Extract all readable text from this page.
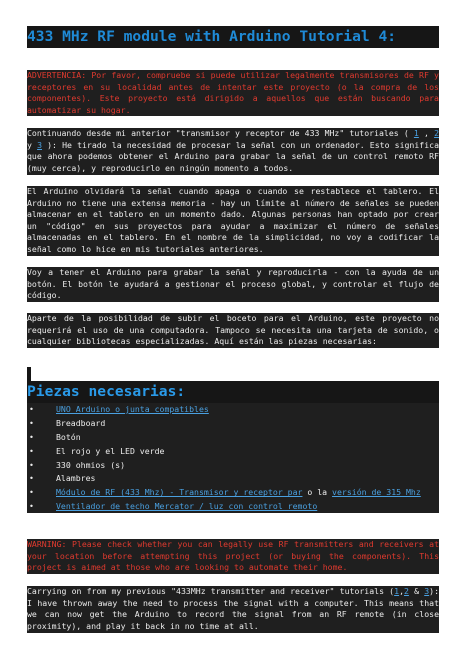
433 MHz RF module with Arduino Tutorial 4:

ADVERTENCIA: Por favor, compruebe si puede utilizar legalmente transmisores de RF y receptores en su localidad antes de intentar este proyecto (o la compra de los componentes). Este proyecto está dirigido a aquellos que están buscando para automatizar su hogar.

Continuando desde mi anterior "transmisor y receptor de 433 MHz" tutoriales ( 1 , 2 y 3 ): He tirado la necesidad de procesar la señal con un ordenador. Esto significa que ahora podemos obtener el Arduino para grabar la señal de un control remoto RF (muy cerca), y reproducirlo en ningún momento a todos.

El Arduino olvidará la señal cuando apaga o cuando se restablece el tablero. El Arduino no tiene una extensa memoria - hay un límite al número de señales se pueden almacenar en el tablero en un momento dado. Algunas personas han optado por crear un "código" en sus proyectos para ayudar a maximizar el número de señales almacenadas en el tablero. En el nombre de la simplicidad, no voy a codificar la señal como lo hice en mis tutoriales anteriores.

Voy a tener el Arduino para grabar la señal y reproducirla - con la ayuda de un botón. El botón le ayudará a gestionar el proceso global, y controlar el flujo de código.

Aparte de la posibilidad de subir el boceto para el Arduino, este proyecto no requerirá el uso de una computadora. Tampoco se necesita una tarjeta de sonido, o cualquier bibliotecas especializadas. Aquí están las piezas necesarias:

Piezas necesarias:
•	UNO Arduino o junta compatibles
•	Breadboard
•	Botón
•	El rojo y el LED verde
•	330 ohmios (s)
•	Alambres
•	Módulo de RF (433 Mhz) - Transmisor y receptor par o la versión de 315 Mhz
•	Ventilador de techo Mercator / luz con control remoto

WARNING: Please check whether you can legally use RF transmitters and receivers at your location before attempting this project (or buying the components). This project is aimed at those who are looking to automate their home.

Carrying on from my previous "433MHz transmitter and receiver" tutorials (1,2 & 3): I have thrown away the need to process the signal with a computer. This means that we can now get the Arduino to record the signal from an RF remote (in close proximity), and play it back in no time at all.
